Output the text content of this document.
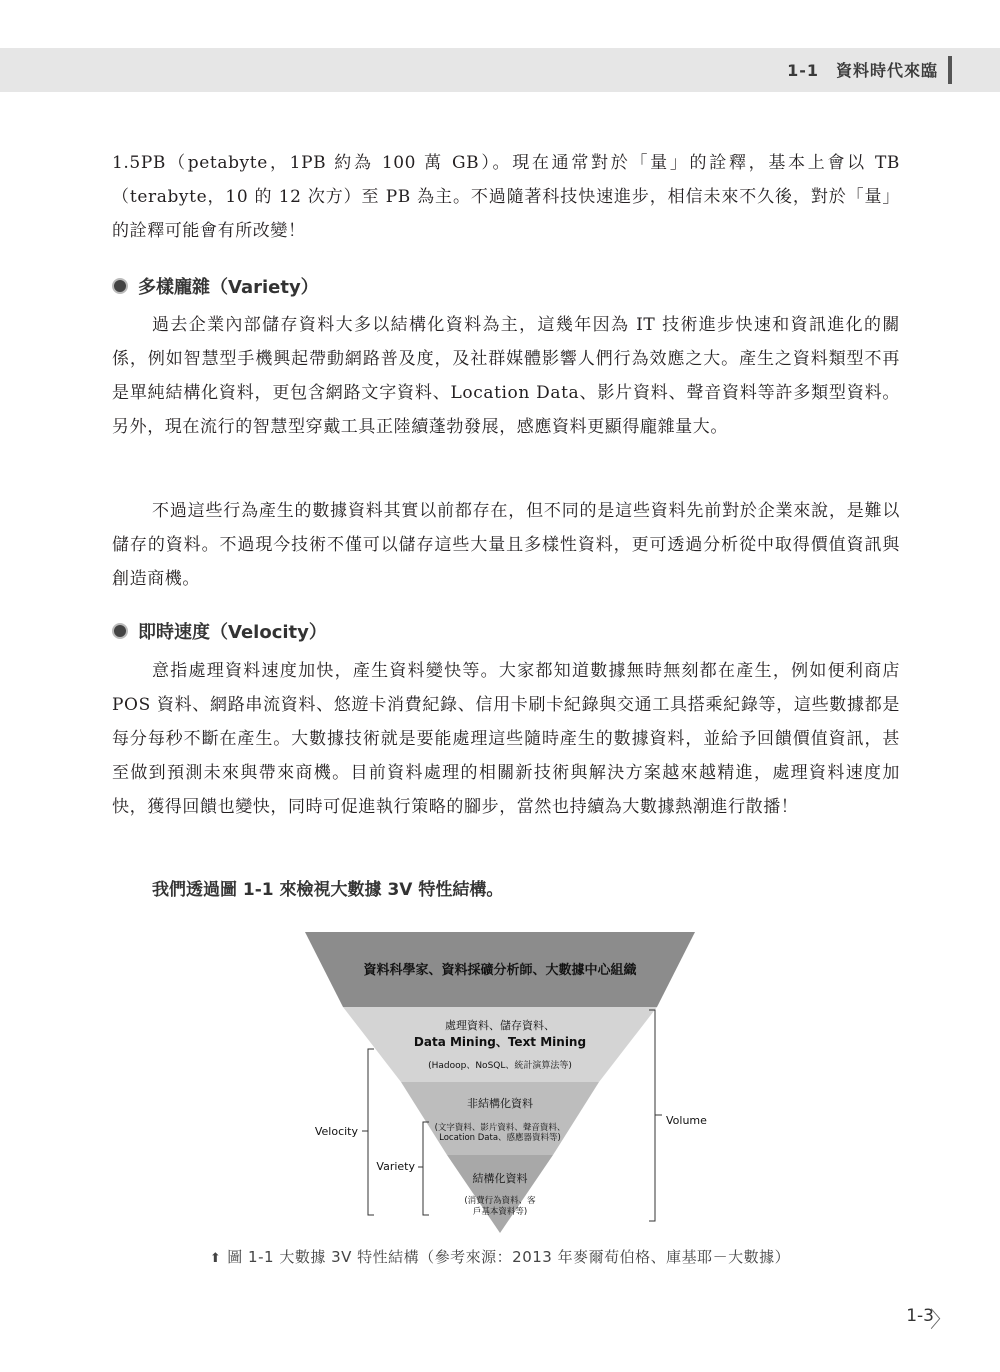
1-1　資料時代來臨

1.5PB（petabyte，1PB 約為 100 萬 GB）。現在通常對於「量」的詮釋，基本上會以 TB（terabyte，10 的 12 次方）至 PB 為主。不過隨著科技快速進步，相信未來不久後，對於「量」的詮釋可能會有所改變！

多樣龐雜（Variety）

過去企業內部儲存資料大多以結構化資料為主，這幾年因為 IT 技術進步快速和資訊進化的關係，例如智慧型手機興起帶動網路普及度，及社群媒體影響人們行為效應之大。產生之資料類型不再是單純結構化資料，更包含網路文字資料、Location Data、影片資料、聲音資料等許多類型資料。另外，現在流行的智慧型穿戴工具正陸續蓬勃發展，感應資料更顯得龐雜量大。

不過這些行為產生的數據資料其實以前都存在，但不同的是這些資料先前對於企業來說，是難以儲存的資料。不過現今技術不僅可以儲存這些大量且多樣性資料，更可透過分析從中取得價值資訊與創造商機。

即時速度（Velocity）

意指處理資料速度加快，產生資料變快等。大家都知道數據無時無刻都在產生，例如便利商店 POS 資料、網路串流資料、悠遊卡消費紀錄、信用卡刷卡紀錄與交通工具搭乘紀錄等，這些數據都是每分每秒不斷在產生。大數據技術就是要能處理這些隨時產生的數據資料，並給予回饋價值資訊，甚至做到預測未來與帶來商機。目前資料處理的相關新技術與解決方案越來越精進，處理資料速度加快，獲得回饋也變快，同時可促進執行策略的腳步，當然也持續為大數據熱潮進行散播！

我們透過圖 1-1 來檢視大數據 3V 特性結構。
資料科學家、資料採礦分析師、大數據中心組織
處理資料、儲存資料、
Data Mining、Text Mining
(Hadoop、NoSQL、統計演算法等)
非結構化資料
(文字資料、影片資料、聲音資料、
Location Data、感應器資料等)
結構化資料
(消費行為資料、客
戶基本資料等)
Velocity
Variety
Volume
⬆ 圖 1-1 大數據 3V 特性結構（參考來源：2013 年麥爾荀伯格、庫基耶－大數據）
1-3
〉
